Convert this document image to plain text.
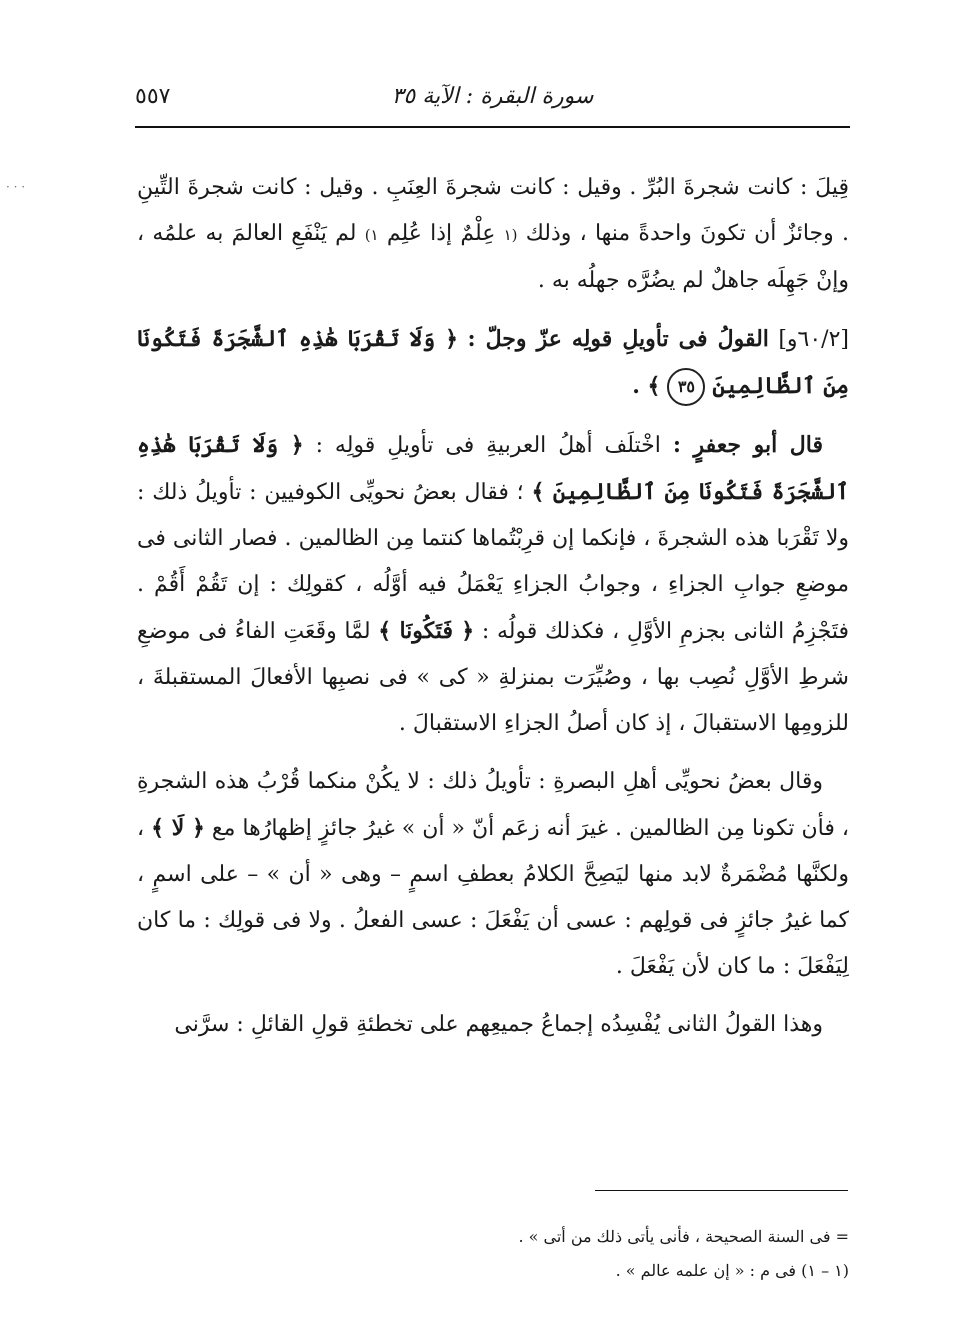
سورة البقرة : الآية ٣٥
٥٥٧
· · ·	قِيلَ : كانت شجرةَ البُرِّ . وقيل : كانت شجرةَ العِنَبِ . وقيل : كانت شجرةَ التِّينِ . وجائزٌ أن تكونَ واحدةً منها ، وذلك (١ عِلْمٌ إذا عُلِم ١) لم يَنْفَعِ العالمَ به علمُه ، وإنْ جَهِلَه جاهلٌ لم يضُرَّه جهلُه به .

[٦٠/٢و] القولُ فى تأويلِ قولِه عزّ وجلّ : ﴿ وَلَا تَقْرَبَا هَٰذِهِ ٱلشَّجَرَةَ فَتَكُونَا مِنَ ٱلظَّالِمِينَ ٣٥ ﴾ .

قال أبو جعفرٍ : اخْتلَف أهلُ العربيةِ فى تأويلِ قولِه : ﴿ وَلَا تَقْرَبَا هَٰذِهِ ٱلشَّجَرَةَ فَتَكُونَا مِنَ ٱلظَّالِمِينَ ﴾ ؛ فقال بعضُ نحويِّى الكوفيين : تأويلُ ذلك : ولا تَقْرَبا هذه الشجرةَ ، فإنكما إن قرِبْتُماها كنتما مِن الظالمين . فصار الثانى فى موضعِ جوابِ الجزاءِ ، وجوابُ الجزاءِ يَعْمَلُ فيه أوَّلُه ، كقولِك : إن تَقُمْ أَقُمْ . فتَجْزِمُ الثانى بجزمِ الأوَّلِ ، فكذلك قولُه : ﴿ فَتَكُونَا ﴾ لمَّا وقَعَتِ الفاءُ فى موضعِ شرطِ الأوَّلِ نُصِب بها ، وصُيِّرَت بمنزلةِ « كى » فى نصبِها الأفعالَ المستقبلةَ ، للزومِها الاستقبالَ ، إذ كان أصلُ الجزاءِ الاستقبالَ .

وقال بعضُ نحويِّى أهلِ البصرةِ : تأويلُ ذلك : لا يكُنْ منكما قُرْبُ هذه الشجرةِ ، فأن تكونا مِن الظالمين . غيرَ أنه زعَم أنّ « أن » غيرُ جائزٍ إظهارُها مع ﴿ لَا ﴾ ، ولكنَّها مُضْمَرةٌ لابد منها ليَصِحَّ الكلامُ بعطفِ اسمٍ – وهى « أن » – على اسمٍ ، كما غيرُ جائزٍ فى قولِهم : عسى أن يَفْعَلَ : عسى الفعلُ . ولا فى قولِك : ما كان لِيَفْعَلَ : ما كان لأن يَفْعَلَ .

وهذا القولُ الثانى يُفْسِدُه إجماعُ جميعِهم على تخطئةِ قولِ القائلِ : سرَّنى

= فى السنة الصحيحة ، فأنى يأتى ذلك من أتى » .
(١ – ١) فى م : « إن علمه عالم » .
